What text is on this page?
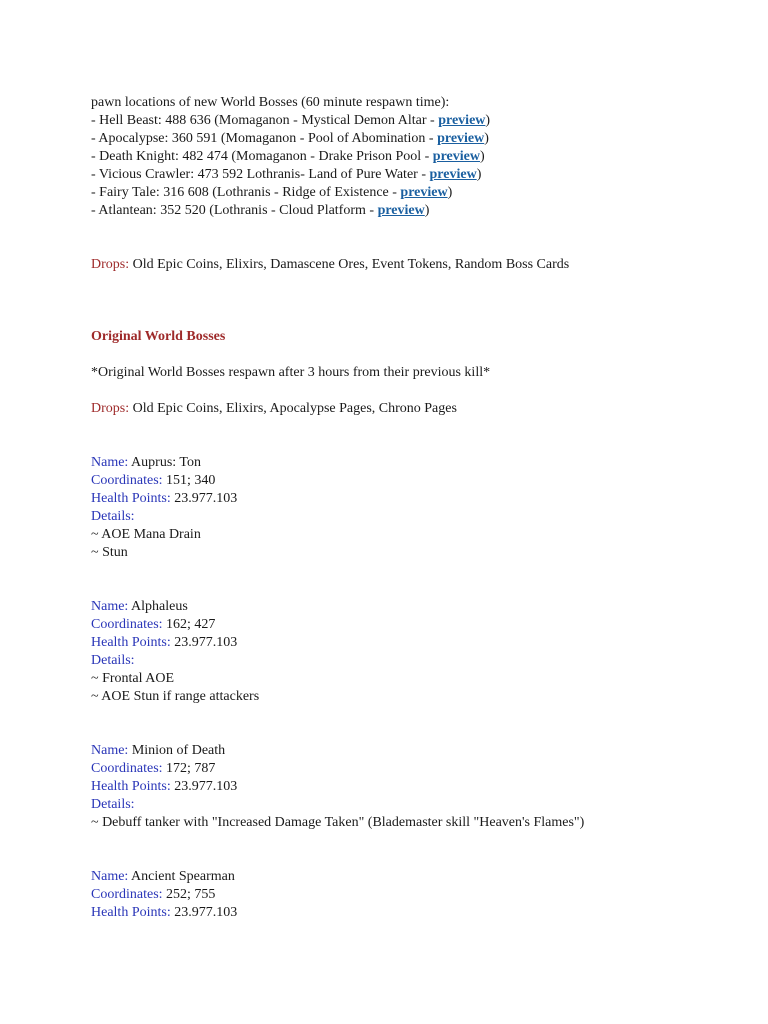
pawn locations of new World Bosses (60 minute respawn time):
- Hell Beast: 488 636 (Momaganon - Mystical Demon Altar - preview)
- Apocalypse: 360 591 (Momaganon - Pool of Abomination - preview)
- Death Knight: 482 474 (Momaganon - Drake Prison Pool - preview)
- Vicious Crawler: 473 592 Lothranis- Land of Pure Water - preview)
- Fairy Tale: 316 608 (Lothranis - Ridge of Existence - preview)
- Atlantean: 352 520 (Lothranis - Cloud Platform - preview)
Drops: Old Epic Coins, Elixirs, Damascene Ores, Event Tokens, Random Boss Cards
Original World Bosses
*Original World Bosses respawn after 3 hours from their previous kill*
Drops: Old Epic Coins, Elixirs, Apocalypse Pages, Chrono Pages
Name: Auprus: Ton
Coordinates: 151; 340
Health Points: 23.977.103
Details:
~ AOE Mana Drain
~ Stun
Name: Alphaleus
Coordinates: 162; 427
Health Points: 23.977.103
Details:
~ Frontal AOE
~ AOE Stun if range attackers
Name: Minion of Death
Coordinates: 172; 787
Health Points: 23.977.103
Details:
~ Debuff tanker with "Increased Damage Taken" (Blademaster skill "Heaven's Flames")
Name: Ancient Spearman
Coordinates: 252; 755
Health Points: 23.977.103
